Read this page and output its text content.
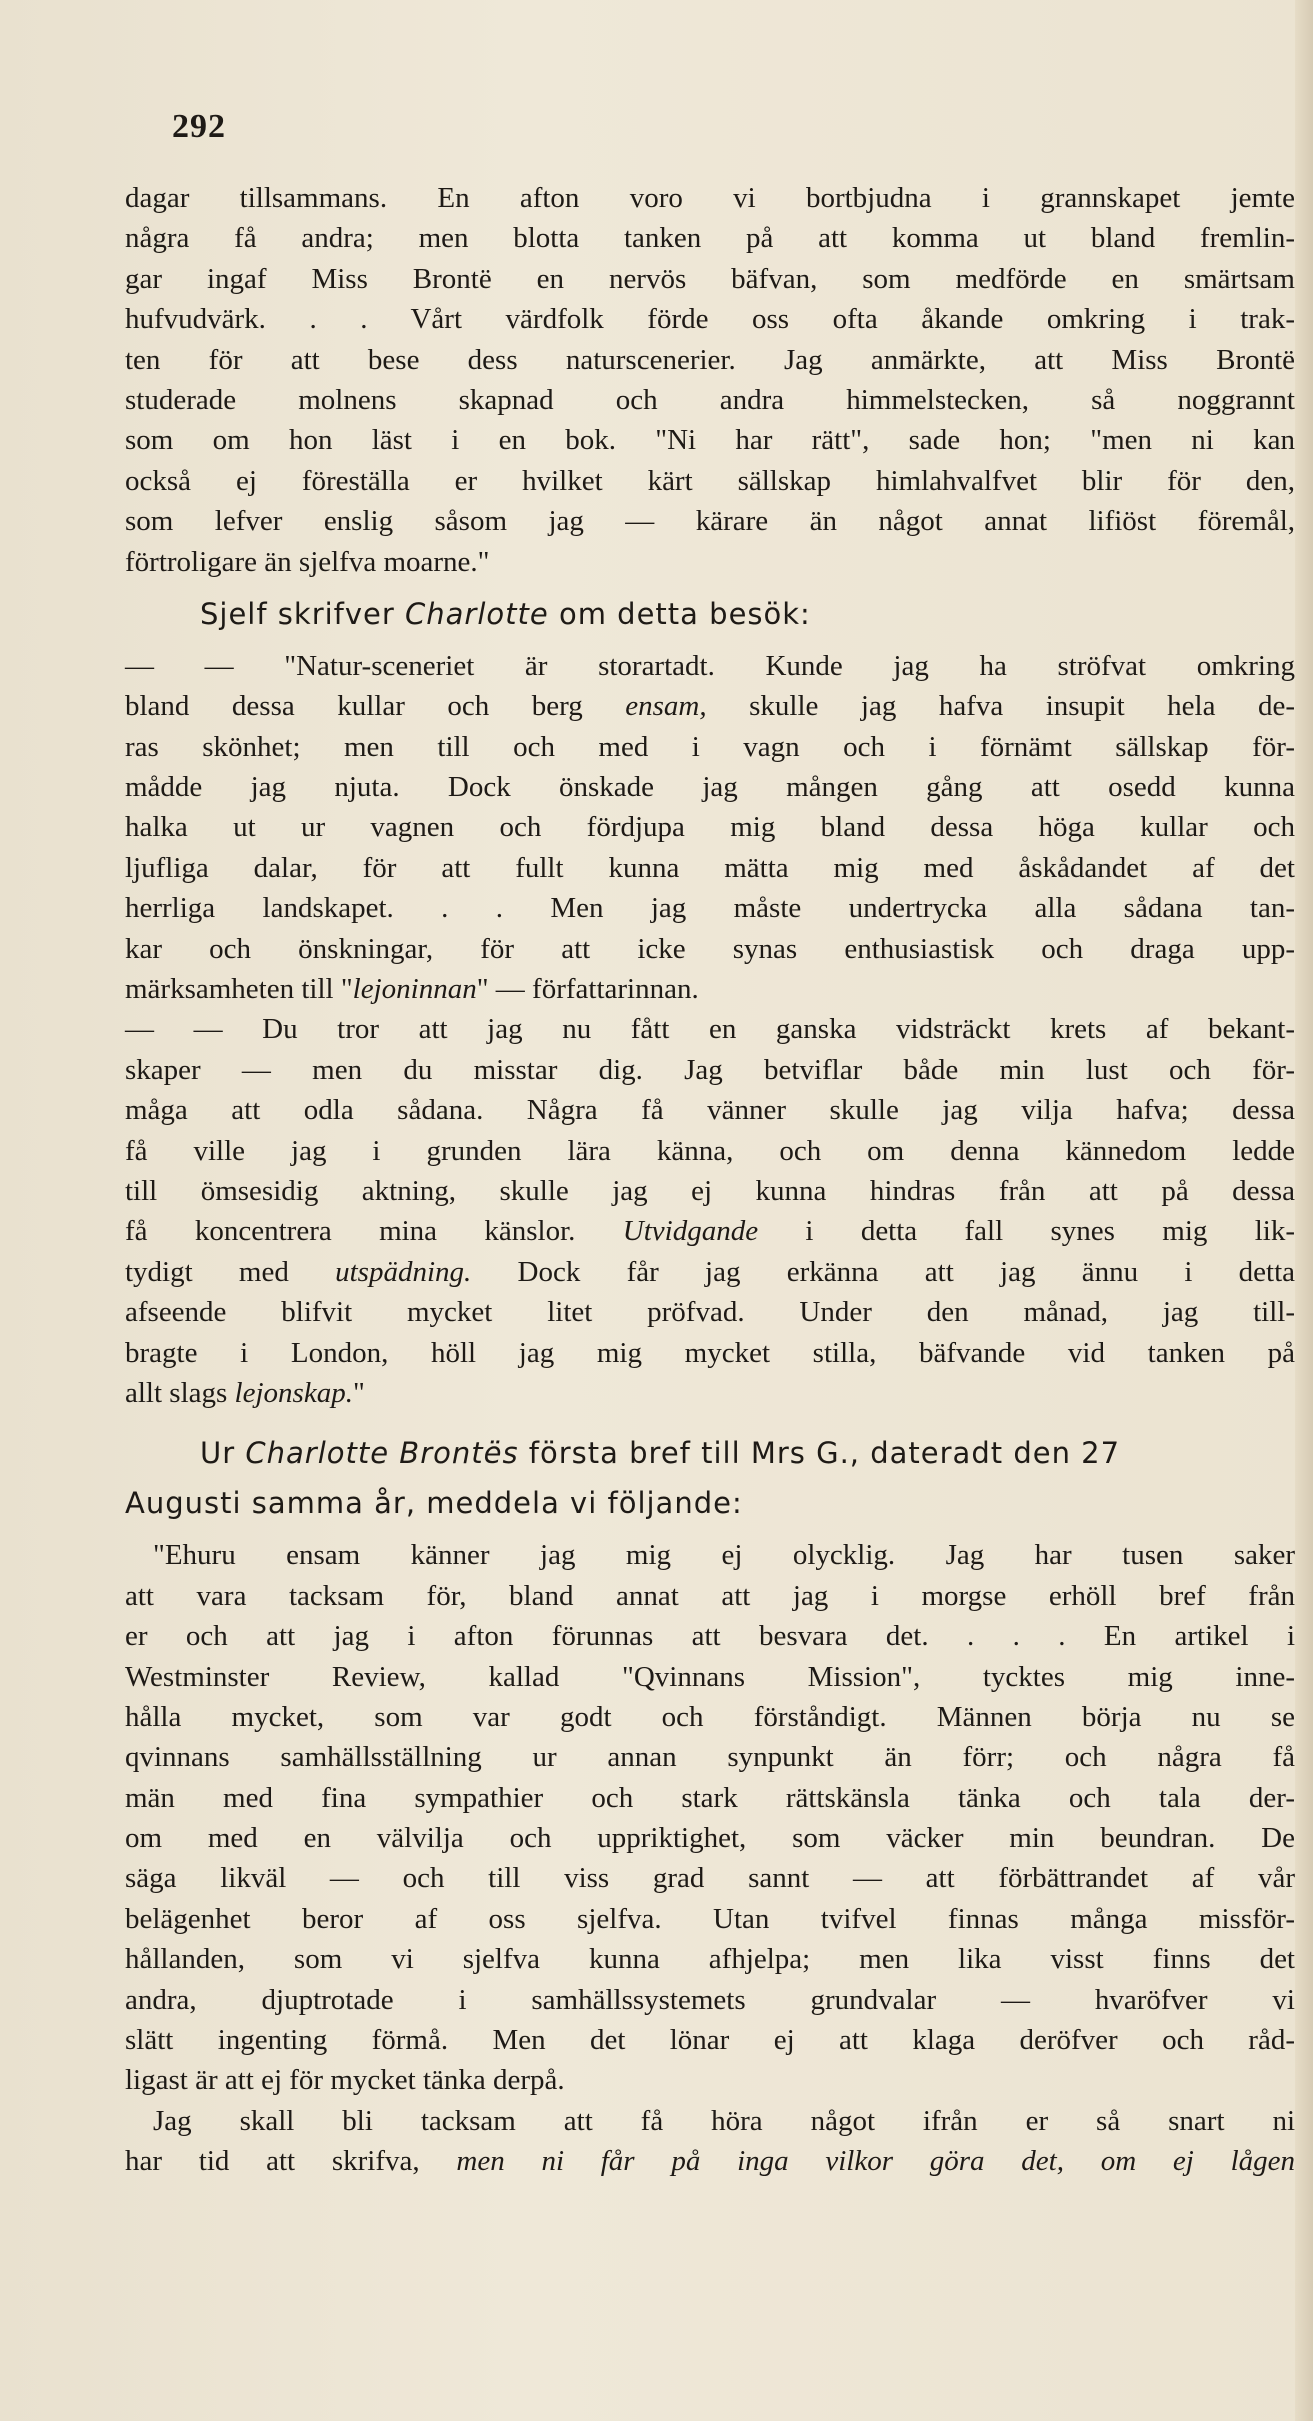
292
dagar tillsammans. En afton voro vi bortbjudna i grannskapet jemte
några få andra; men blotta tanken på att komma ut bland fremlin-
gar ingaf Miss Brontë en nervös bäfvan, som medförde en smärtsam
hufvudvärk. . . Vårt värdfolk förde oss ofta åkande omkring i trak-
ten för att bese dess naturscenerier. Jag anmärkte, att Miss Brontë
studerade molnens skapnad och andra himmelstecken, så noggrannt
som om hon läst i en bok. "Ni har rätt", sade hon; "men ni kan
också ej föreställa er hvilket kärt sällskap himlahvalfvet blir för den,
som lefver enslig såsom jag — kärare än något annat lifiöst föremål,
förtroligare än sjelfva moarne."
Sjelf skrifver Charlotte om detta besök:
— — "Natur-sceneriet är storartadt. Kunde jag ha ströfvat omkring
bland dessa kullar och berg ensam, skulle jag hafva insupit hela de-
ras skönhet; men till och med i vagn och i förnämt sällskap för-
mådde jag njuta. Dock önskade jag mången gång att osedd kunna
halka ut ur vagnen och fördjupa mig bland dessa höga kullar och
ljufliga dalar, för att fullt kunna mätta mig med åskådandet af det
herrliga landskapet. . . Men jag måste undertrycka alla sådana tan-
kar och önskningar, för att icke synas enthusiastisk och draga upp-
märksamheten till "lejoninnan" — författarinnan.
— — Du tror att jag nu fått en ganska vidsträckt krets af bekant-
skaper — men du misstar dig. Jag betviflar både min lust och för-
måga att odla sådana. Några få vänner skulle jag vilja hafva; dessa
få ville jag i grunden lära känna, och om denna kännedom ledde
till ömsesidig aktning, skulle jag ej kunna hindras från att på dessa
få koncentrera mina känslor. Utvidgande i detta fall synes mig lik-
tydigt med utspädning. Dock får jag erkänna att jag ännu i detta
afseende blifvit mycket litet pröfvad. Under den månad, jag till-
bragte i London, höll jag mig mycket stilla, bäfvande vid tanken på
allt slags lejonskap."
Ur Charlotte Brontës första bref till Mrs G., dateradt den 27
Augusti samma år, meddela vi följande:
"Ehuru ensam känner jag mig ej olycklig. Jag har tusen saker
att vara tacksam för, bland annat att jag i morgse erhöll bref från
er och att jag i afton förunnas att besvara det. . . . En artikel i
Westminster Review, kallad "Qvinnans Mission", tycktes mig inne-
hålla mycket, som var godt och förståndigt. Männen börja nu se
qvinnans samhällsställning ur annan synpunkt än förr; och några få
män med fina sympathier och stark rättskänsla tänka och tala der-
om med en välvilja och uppriktighet, som väcker min beundran. De
säga likväl — och till viss grad sannt — att förbättrandet af vår
belägenhet beror af oss sjelfva. Utan tvifvel finnas många missför-
hållanden, som vi sjelfva kunna afhjelpa; men lika visst finns det
andra, djuptrotade i samhällssystemets grundvalar — hvaröfver vi
slätt ingenting förmå. Men det lönar ej att klaga deröfver och råd-
ligast är att ej för mycket tänka derpå.
Jag skall bli tacksam att få höra något ifrån er så snart ni
har tid att skrifva, men ni får på inga vilkor göra det, om ej lågen
